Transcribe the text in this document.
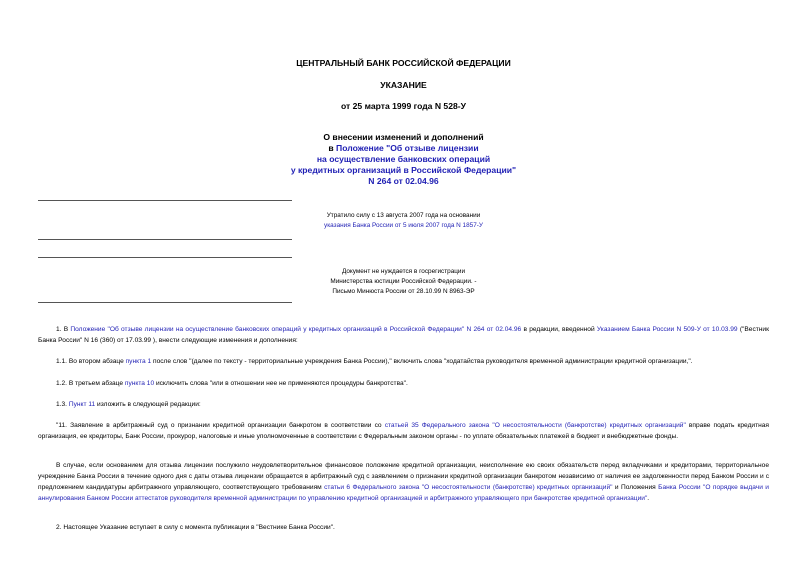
ЦЕНТРАЛЬНЫЙ БАНК РОССИЙСКОЙ ФЕДЕРАЦИИ
УКАЗАНИЕ
от 25 марта 1999 года N 528-У
О внесении изменений и дополнений
в Положение "Об отзыве лицензии
на осуществление банковских операций
у кредитных организаций в Российской Федерации"
N 264 от 02.04.96
Утратило силу с 13 августа 2007 года на основании
указания Банка России от 5 июля 2007 года N 1857-У
Документ не нуждается в госрегистрации
Министерства юстиции Российской Федерации. -
Письмо Минюста России от 28.10.99 N 8963-ЭР
1. В Положение "Об отзыве лицензии на осуществление банковских операций у кредитных организаций в Российской Федерации" N 264 от 02.04.96 в редакции, введенной Указанием Банка России N 509-У от 10.03.99 ("Вестник Банка России" N 16 (360) от 17.03.99 ), внести следующие изменения и дополнения:
1.1. Во втором абзаце пункта 1 после слов "(далее по тексту - территориальные учреждения Банка России)," включить слова "ходатайства руководителя временной администрации кредитной организации,".
1.2. В третьем абзаце пункта 10 исключить слова "или в отношении нее не применяются процедуры банкротства".
1.3. Пункт 11 изложить в следующей редакции:
"11. Заявление в арбитражный суд о признании кредитной организации банкротом в соответствии со статьей 35 Федерального закона "О несостоятельности (банкротстве) кредитных организаций" вправе подать кредитная организация, ее кредиторы, Банк России, прокурор, налоговые и иные уполномоченные в соответствии с Федеральным законом органы - по уплате обязательных платежей в бюджет и внебюджетные фонды.
В случае, если основанием для отзыва лицензии послужило неудовлетворительное финансовое положение кредитной организации, неисполнение ею своих обязательств перед вкладчиками и кредиторами, территориальное учреждение Банка России в течение одного дня с даты отзыва лицензии обращается в арбитражный суд с заявлением о признании кредитной организации банкротом независимо от наличия ее задолженности перед Банком России и с предложением кандидатуры арбитражного управляющего, соответствующего требованиям статьи 6 Федерального закона "О несостоятельности (банкротстве) кредитных организаций" и Положения Банка России "О порядке выдачи и аннулирования Банком России аттестатов руководителя временной администрации по управлению кредитной организацией и арбитражного управляющего при банкротстве кредитной организации".
2. Настоящее Указание вступает в силу с момента публикации в "Вестнике Банка России".
